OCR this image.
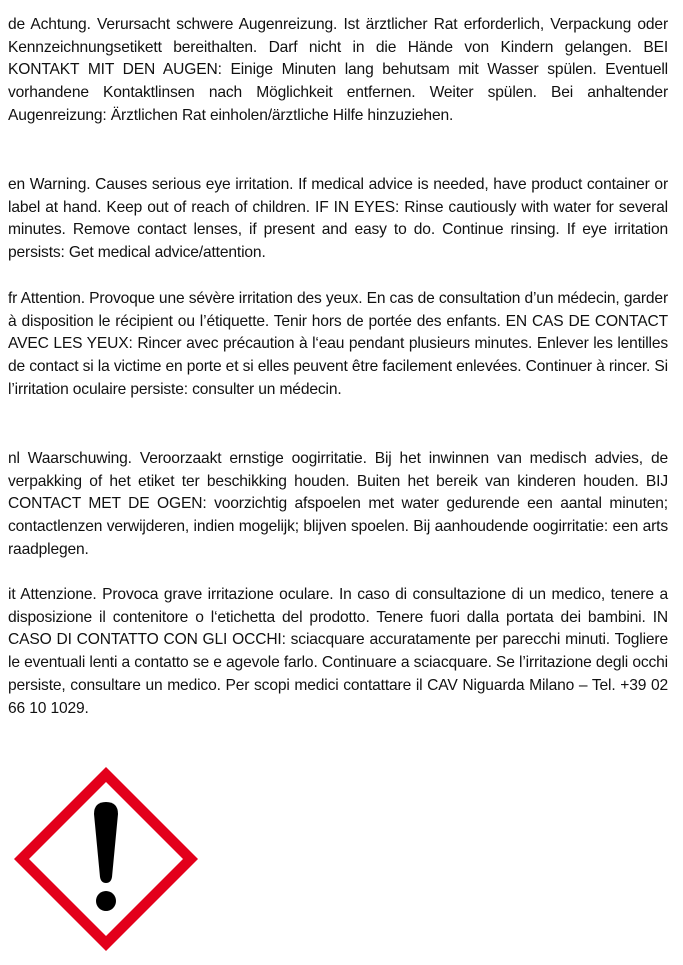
de Achtung. Verursacht schwere Augenreizung. Ist ärztlicher Rat erforderlich, Verpackung oder Kennzeichnungsetikett bereithalten. Darf nicht in die Hände von Kindern gelangen. BEI KONTAKT MIT DEN AUGEN: Einige Minuten lang behutsam mit Wasser spülen. Eventuell vorhandene Kontaktlinsen nach Möglichkeit entfernen. Weiter spülen. Bei anhaltender Augenreizung: Ärztlichen Rat einholen/ärztliche Hilfe hinzuziehen.

en Warning. Causes serious eye irritation. If medical advice is needed, have product container or label at hand. Keep out of reach of children. IF IN EYES: Rinse cautiously with water for several minutes. Remove contact lenses, if present and easy to do. Continue rinsing. If eye irritation persists: Get medical advice/attention.

fr Attention. Provoque une sévère irritation des yeux. En cas de consultation d’un médecin, garder à disposition le récipient ou l’étiquette. Tenir hors de portée des enfants. EN CAS DE CONTACT AVEC LES YEUX: Rincer avec précaution à l‘eau pendant plusieurs minutes. Enlever les lentilles de contact si la victime en porte et si elles peuvent être facilement enlevées. Continuer à rincer. Si l’irritation oculaire persiste: consulter un médecin.

nl Waarschuwing. Veroorzaakt ernstige oogirritatie. Bij het inwinnen van medisch advies, de verpakking of het etiket ter beschikking houden. Buiten het bereik van kinderen houden. BIJ CONTACT MET DE OGEN: voorzichtig afspoelen met water gedurende een aantal minuten; contactlenzen verwijderen, indien mogelijk; blijven spoelen. Bij aanhoudende oogirritatie: een arts raadplegen.

it Attenzione. Provoca grave irritazione oculare. In caso di consultazione di un medico, tenere a disposizione il contenitore o l‘etichetta del prodotto. Tenere fuori dalla portata dei bambini. IN CASO DI CONTATTO CON GLI OCCHI: sciacquare accuratamente per parecchi minuti. Togliere le eventuali lenti a contatto se e agevole farlo. Continuare a sciacquare. Se l’irritazione degli occhi persiste, consultare un medico. Per scopi medici contattare il CAV Niguarda Milano – Tel. +39 02 66 10 1029.
